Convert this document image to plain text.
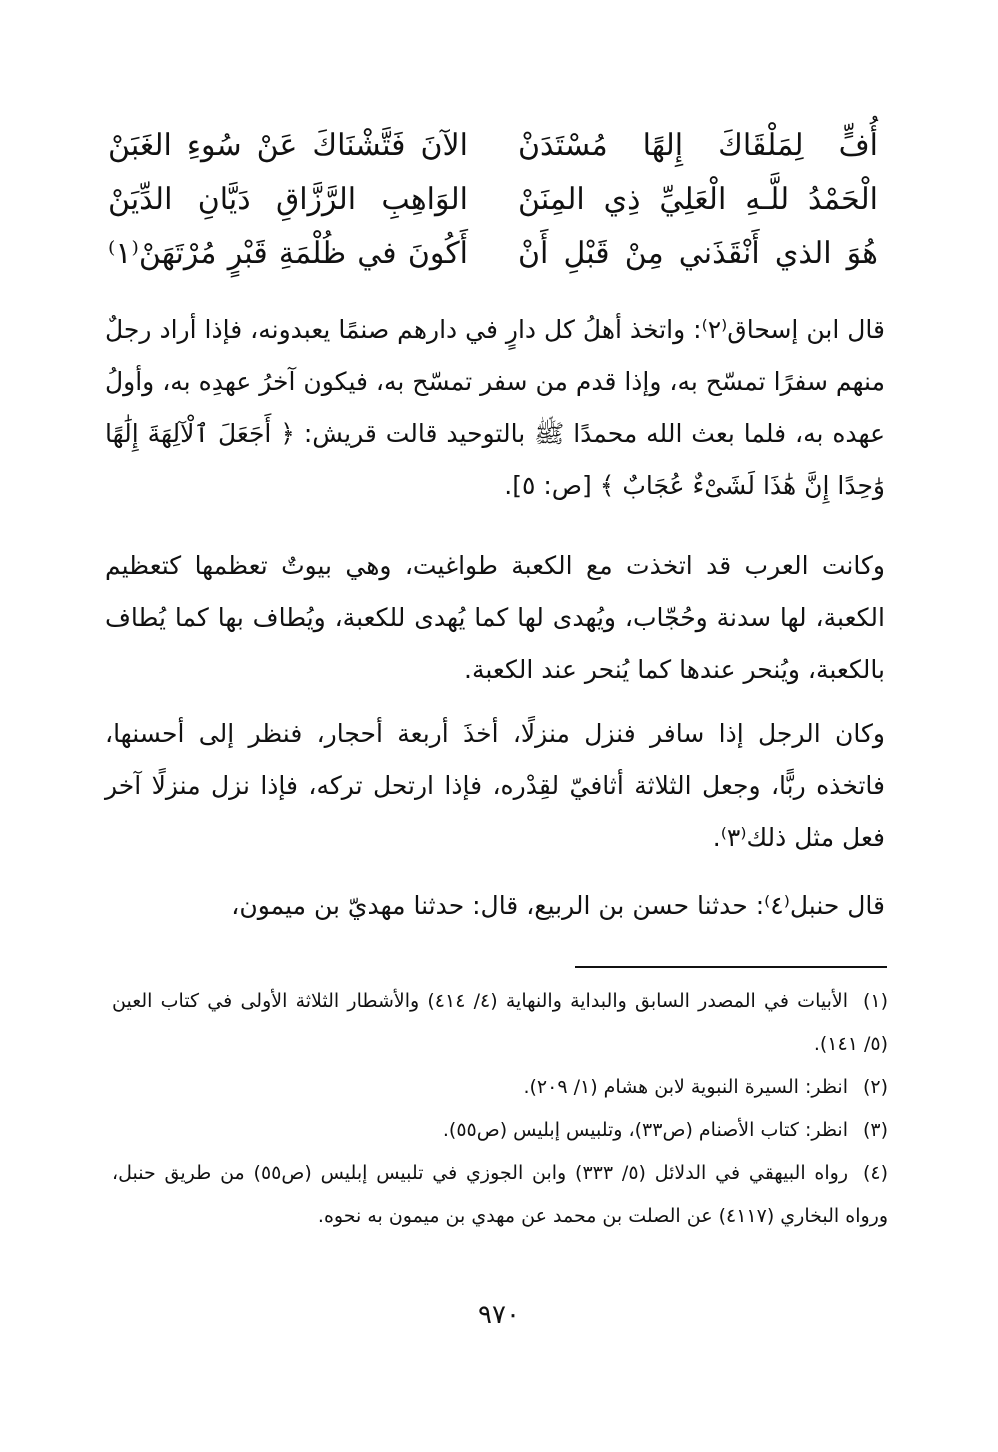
أُفٍّ لِمَلْقَاكَ إِلهًا مُسْتَدَنْ
الآنَ فَتَّشْنَاكَ عَنْ سُوءِ الغَبَنْ
الْحَمْدُ للَّـهِ الْعَلِيِّ ذِي المِنَنْ
الوَاهِبِ الرَّزَّاقِ دَيَّانِ الدِّيَنْ
هُوَ الذي أَنْقَذَني مِنْ قَبْلِ أَنْ
أَكُونَ في ظُلْمَةِ قَبْرٍ مُرْتَهَنْ⁽١⁾

قال ابن إسحاق⁽٢⁾: واتخذ أهلُ كل دارٍ في دارهم صنمًا يعبدونه، فإذا أراد رجلٌ منهم سفرًا تمسّح به، وإذا قدم من سفر تمسّح به، فيكون آخرُ عهدِه به، وأولُ عهده به، فلما بعث الله محمدًا ﷺ بالتوحيد قالت قريش: ﴿ أَجَعَلَ ٱلْآلِهَةَ إِلَٰهًا وَٰحِدًا إِنَّ هَٰذَا لَشَىْءٌ عُجَابٌ ﴾ [ص: ٥].

وكانت العرب قد اتخذت مع الكعبة طواغيت، وهي بيوتٌ تعظمها كتعظيم الكعبة، لها سدنة وحُجّاب، ويُهدى لها كما يُهدى للكعبة، ويُطاف بها كما يُطاف بالكعبة، ويُنحر عندها كما يُنحر عند الكعبة.

وكان الرجل إذا سافر فنزل منزلًا، أخذَ أربعة أحجار، فنظر إلى أحسنها، فاتخذه ربًّا، وجعل الثلاثة أثافيّ لقِدْره، فإذا ارتحل تركه، فإذا نزل منزلًا آخر فعل مثل ذلك⁽٣⁾.

قال حنبل⁽٤⁾: حدثنا حسن بن الربيع، قال: حدثنا مهديّ بن ميمون،

(١)الأبيات في المصدر السابق والبداية والنهاية (٤/ ٤١٤) والأشطار الثلاثة الأولى في كتاب العين (٥/ ١٤١).
(٢)انظر: السيرة النبوية لابن هشام (١/ ٢٠٩).
(٣)انظر: كتاب الأصنام (ص٣٣)، وتلبيس إبليس (ص٥٥).
(٤)رواه البيهقي في الدلائل (٥/ ٣٣٣) وابن الجوزي في تلبيس إبليس (ص٥٥) من طريق حنبل، ورواه البخاري (٤١١٧) عن الصلت بن محمد عن مهدي بن ميمون به نحوه.
٩٧٠
